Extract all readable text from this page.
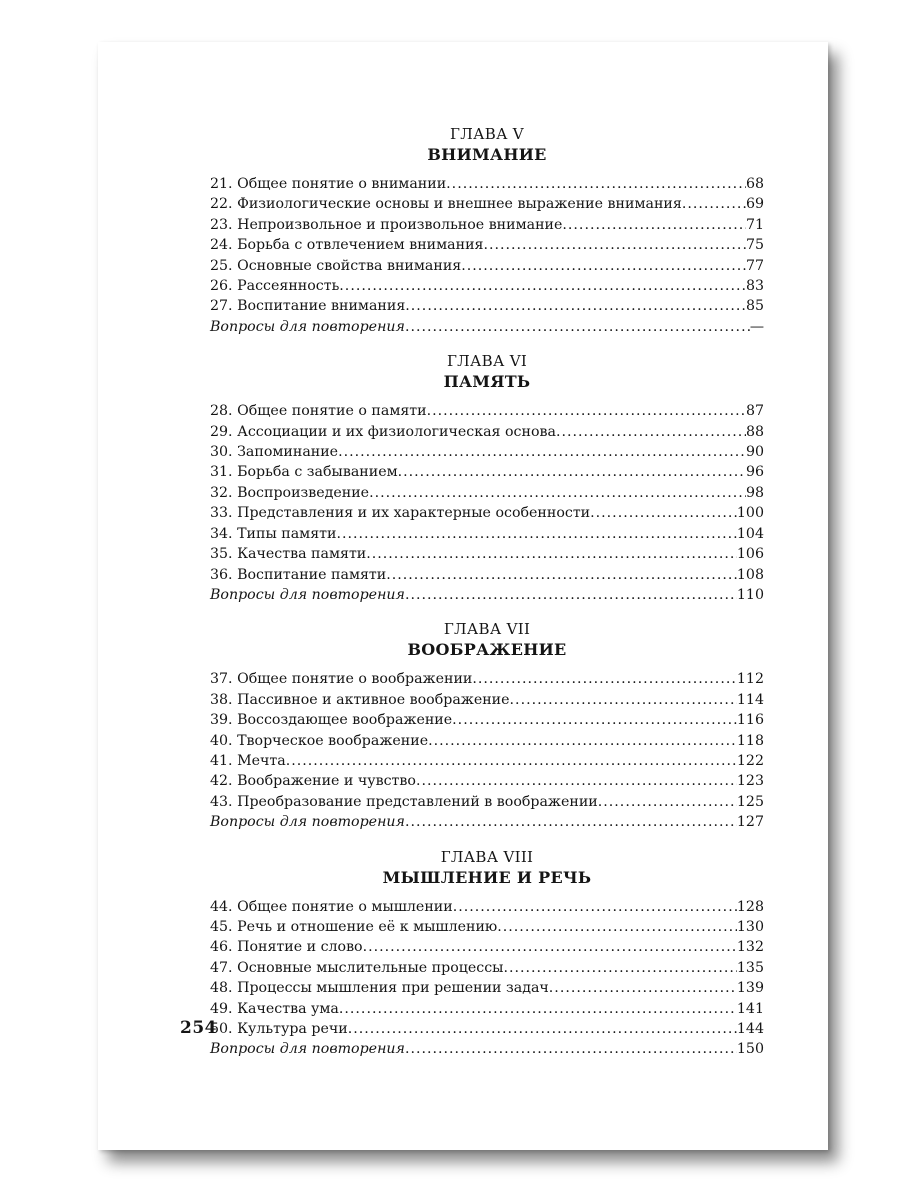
ГЛАВА V
ВНИМАНИЕ
21. Общее понятие о внимании .....	68
22. Физиологические основы и внешнее выражение внимания .....	69
23. Непроизвольное и произвольное внимание .....	71
24. Борьба с отвлечением внимания .....	75
25. Основные свойства внимания .....	77
26. Рассеянность .....	83
27. Воспитание внимания .....	85
Вопросы для повторения .....	—
ГЛАВА VI
ПАМЯТЬ
28. Общее понятие о памяти .....	87
29. Ассоциации и их физиологическая основа .....	88
30. Запоминание .....	90
31. Борьба с забыванием .....	96
32. Воспроизведение .....	98
33. Представления и их характерные особенности .....	100
34. Типы памяти .....	104
35. Качества памяти .....	106
36. Воспитание памяти .....	108
Вопросы для повторения .....	110
ГЛАВА VII
ВООБРАЖЕНИЕ
37. Общее понятие о воображении .....	112
38. Пассивное и активное воображение .....	114
39. Воссоздающее воображение .....	116
40. Творческое воображение .....	118
41. Мечта .....	122
42. Воображение и чувство .....	123
43. Преобразование представлений в воображении .....	125
Вопросы для повторения .....	127
ГЛАВА VIII
МЫШЛЕНИЕ И РЕЧЬ
44. Общее понятие о мышлении .....	128
45. Речь и отношение её к мышлению .....	130
46. Понятие и слово .....	132
47. Основные мыслительные процессы .....	135
48. Процессы мышления при решении задач .....	139
49. Качества ума .....	141
50. Культура речи .....	144
Вопросы для повторения .....	150
254
